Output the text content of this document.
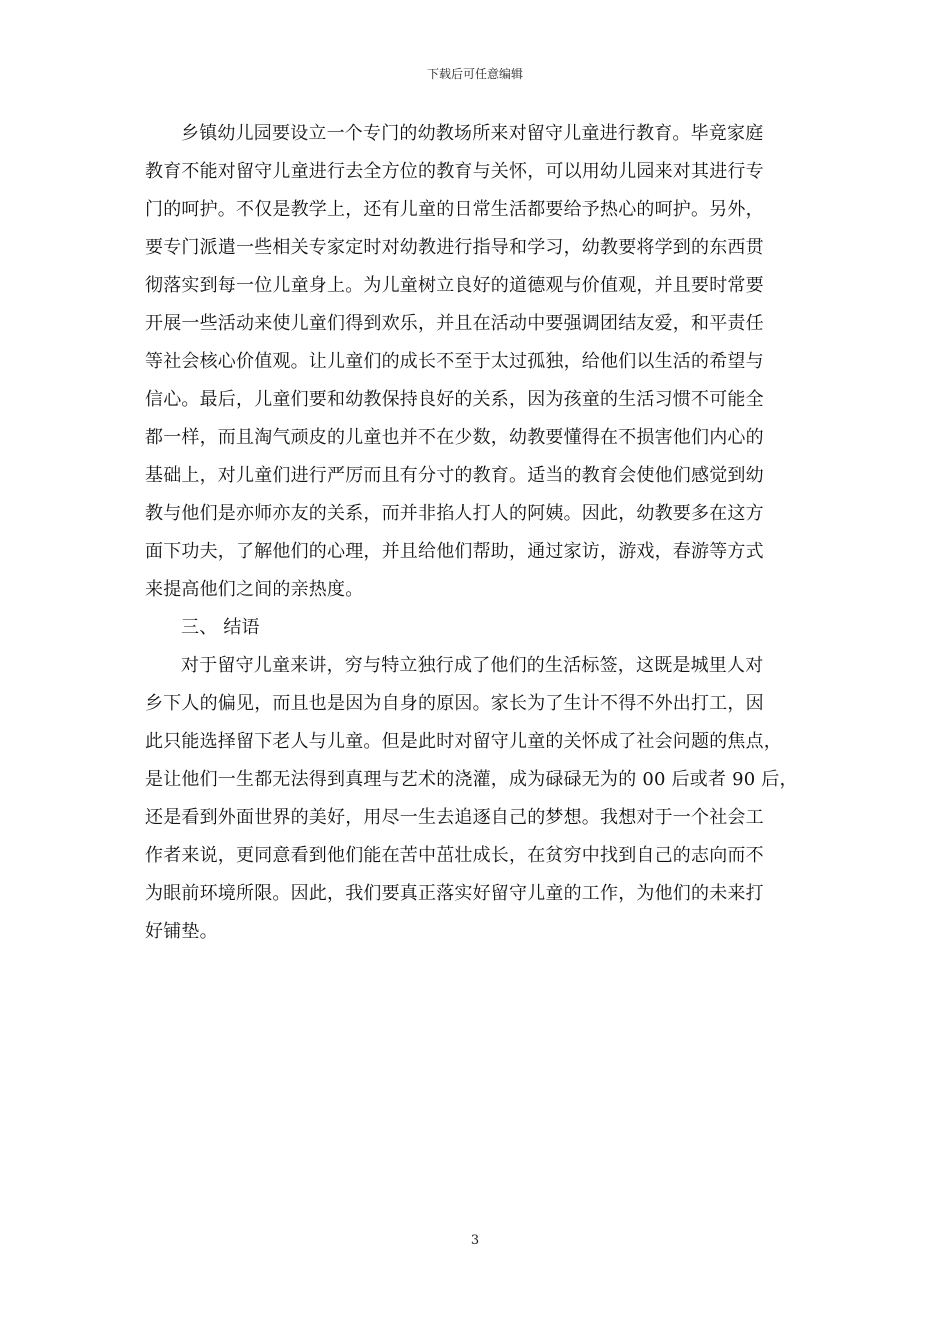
下载后可任意编辑
乡镇幼儿园要设立一个专门的幼教场所来对留守儿童进行教育。毕竟家庭
教育不能对留守儿童进行去全方位的教育与关怀，可以用幼儿园来对其进行专
门的呵护。不仅是教学上，还有儿童的日常生活都要给予热心的呵护。另外，
要专门派遣一些相关专家定时对幼教进行指导和学习，幼教要将学到的东西贯
彻落实到每一位儿童身上。为儿童树立良好的道德观与价值观，并且要时常要
开展一些活动来使儿童们得到欢乐，并且在活动中要强调团结友爱，和平责任
等社会核心价值观。让儿童们的成长不至于太过孤独，给他们以生活的希望与
信心。最后，儿童们要和幼教保持良好的关系，因为孩童的生活习惯不可能全
都一样，而且淘气顽皮的儿童也并不在少数，幼教要懂得在不损害他们内心的
基础上，对儿童们进行严厉而且有分寸的教育。适当的教育会使他们感觉到幼
教与他们是亦师亦友的关系，而并非掐人打人的阿姨。因此，幼教要多在这方
面下功夫，了解他们的心理，并且给他们帮助，通过家访，游戏，春游等方式
来提高他们之间的亲热度。
三、 结语
对于留守儿童来讲，穷与特立独行成了他们的生活标签，这既是城里人对
乡下人的偏见，而且也是因为自身的原因。家长为了生计不得不外出打工，因
此只能选择留下老人与儿童。但是此时对留守儿童的关怀成了社会问题的焦点，
是让他们一生都无法得到真理与艺术的浇灌，成为碌碌无为的 00 后或者 90 后，
还是看到外面世界的美好，用尽一生去追逐自己的梦想。我想对于一个社会工
作者来说，更同意看到他们能在苦中茁壮成长，在贫穷中找到自己的志向而不
为眼前环境所限。因此，我们要真正落实好留守儿童的工作，为他们的未来打
好铺垫。
3
